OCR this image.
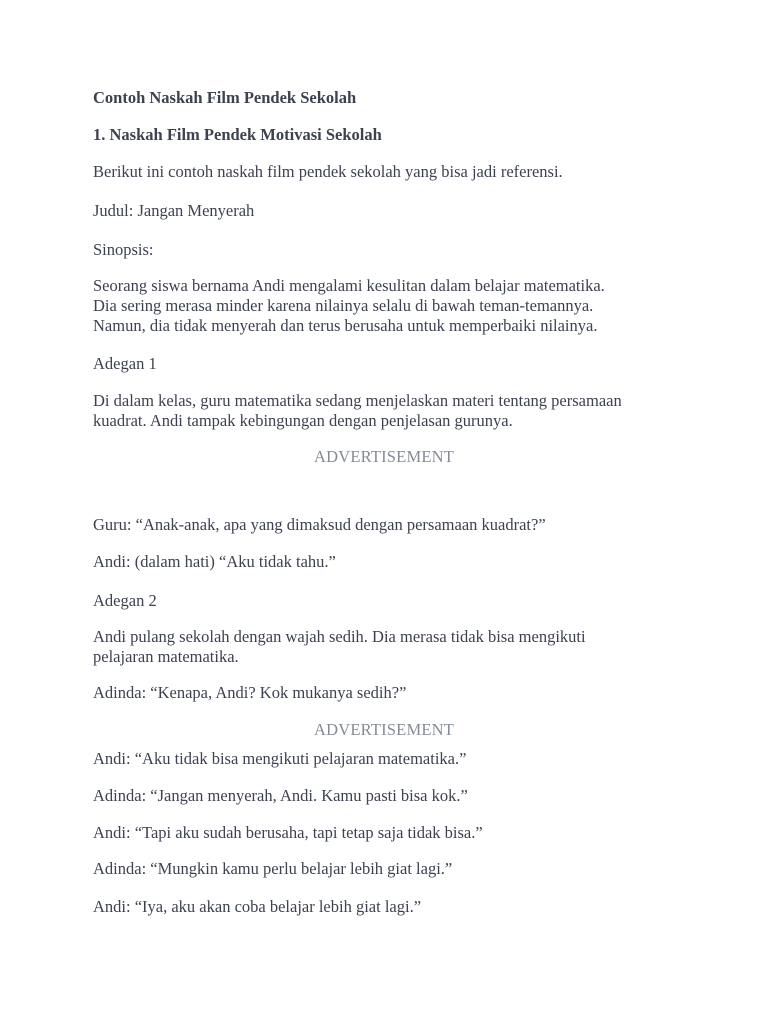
Contoh Naskah Film Pendek Sekolah

1. Naskah Film Pendek Motivasi Sekolah

Berikut ini contoh naskah film pendek sekolah yang bisa jadi referensi.

Judul: Jangan Menyerah

Sinopsis:

Seorang siswa bernama Andi mengalami kesulitan dalam belajar matematika.
Dia sering merasa minder karena nilainya selalu di bawah teman-temannya.
Namun, dia tidak menyerah dan terus berusaha untuk memperbaiki nilainya.

Adegan 1

Di dalam kelas, guru matematika sedang menjelaskan materi tentang persamaan
kuadrat. Andi tampak kebingungan dengan penjelasan gurunya.
ADVERTISEMENT

Guru: “Anak-anak, apa yang dimaksud dengan persamaan kuadrat?”

Andi: (dalam hati) “Aku tidak tahu.”

Adegan 2

Andi pulang sekolah dengan wajah sedih. Dia merasa tidak bisa mengikuti
pelajaran matematika.

Adinda: “Kenapa, Andi? Kok mukanya sedih?”

ADVERTISEMENT

Andi: “Aku tidak bisa mengikuti pelajaran matematika.”

Adinda: “Jangan menyerah, Andi. Kamu pasti bisa kok.”

Andi: “Tapi aku sudah berusaha, tapi tetap saja tidak bisa.”

Adinda: “Mungkin kamu perlu belajar lebih giat lagi.”

Andi: “Iya, aku akan coba belajar lebih giat lagi.”
